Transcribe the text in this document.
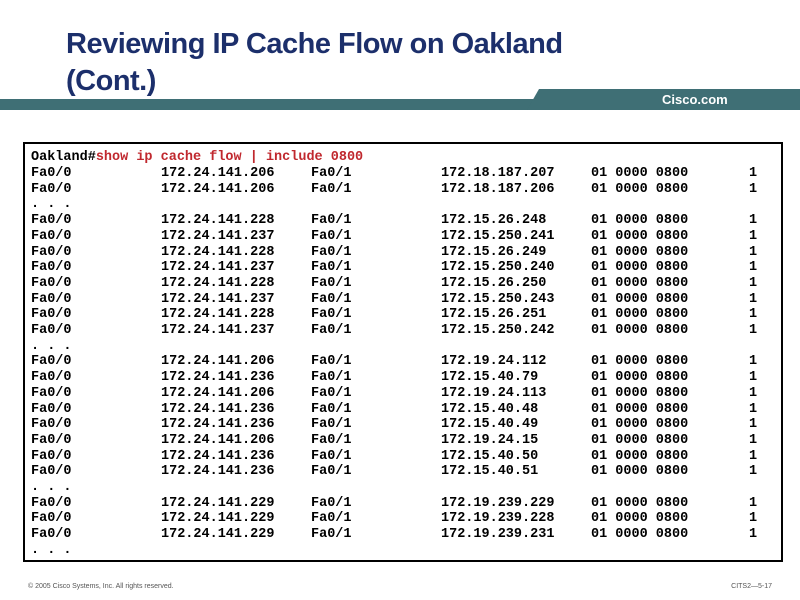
Reviewing IP Cache Flow on Oakland
(Cont.)
Cisco.com
Oakland#show ip cache flow | include 0800
Fa0/0	172.24.141.206	Fa0/1	172.18.187.207	01 0000 0800	1
Fa0/0	172.24.141.206	Fa0/1	172.18.187.206	01 0000 0800	1
. . .
Fa0/0	172.24.141.228	Fa0/1	172.15.26.248	01 0000 0800	1
Fa0/0	172.24.141.237	Fa0/1	172.15.250.241	01 0000 0800	1
Fa0/0	172.24.141.228	Fa0/1	172.15.26.249	01 0000 0800	1
Fa0/0	172.24.141.237	Fa0/1	172.15.250.240	01 0000 0800	1
Fa0/0	172.24.141.228	Fa0/1	172.15.26.250	01 0000 0800	1
Fa0/0	172.24.141.237	Fa0/1	172.15.250.243	01 0000 0800	1
Fa0/0	172.24.141.228	Fa0/1	172.15.26.251	01 0000 0800	1
Fa0/0	172.24.141.237	Fa0/1	172.15.250.242	01 0000 0800	1
. . .
Fa0/0	172.24.141.206	Fa0/1	172.19.24.112	01 0000 0800	1
Fa0/0	172.24.141.236	Fa0/1	172.15.40.79	01 0000 0800	1
Fa0/0	172.24.141.206	Fa0/1	172.19.24.113	01 0000 0800	1
Fa0/0	172.24.141.236	Fa0/1	172.15.40.48	01 0000 0800	1
Fa0/0	172.24.141.236	Fa0/1	172.15.40.49	01 0000 0800	1
Fa0/0	172.24.141.206	Fa0/1	172.19.24.15	01 0000 0800	1
Fa0/0	172.24.141.236	Fa0/1	172.15.40.50	01 0000 0800	1
Fa0/0	172.24.141.236	Fa0/1	172.15.40.51	01 0000 0800	1
. . .
Fa0/0	172.24.141.229	Fa0/1	172.19.239.229	01 0000 0800	1
Fa0/0	172.24.141.229	Fa0/1	172.19.239.228	01 0000 0800	1
Fa0/0	172.24.141.229	Fa0/1	172.19.239.231	01 0000 0800	1
. . .
© 2005 Cisco Systems, Inc. All rights reserved.	CITS2—5-17
